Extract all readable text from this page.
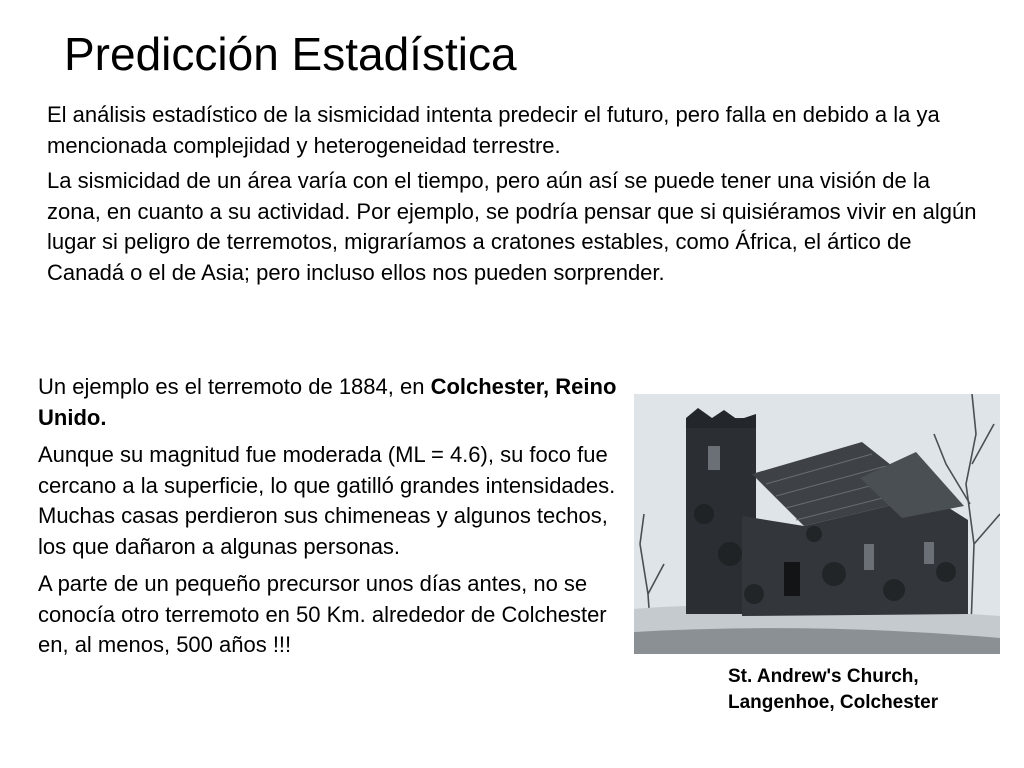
Predicción Estadística

El análisis estadístico de la sismicidad intenta predecir el futuro, pero falla en debido a la ya mencionada complejidad y heterogeneidad terrestre.

La sismicidad de un área varía con el tiempo, pero aún así se puede tener una visión de la zona, en cuanto a su actividad. Por ejemplo, se podría pensar que si quisiéramos vivir en algún lugar si peligro de terremotos, migraríamos a cratones estables, como África, el ártico de Canadá o el de Asia; pero incluso ellos nos pueden sorprender.

Un ejemplo es el terremoto de 1884, en Colchester, Reino Unido.

Aunque su magnitud fue moderada (ML = 4.6), su foco fue cercano a la superficie, lo que gatilló grandes intensidades. Muchas casas perdieron sus chimeneas y algunos techos, los que dañaron a algunas personas.

A parte de un pequeño precursor unos días antes, no se conocía otro terremoto en 50 Km. alrededor de Colchester en, al menos, 500 años !!!

St. Andrew's Church,
Langenhoe, Colchester
